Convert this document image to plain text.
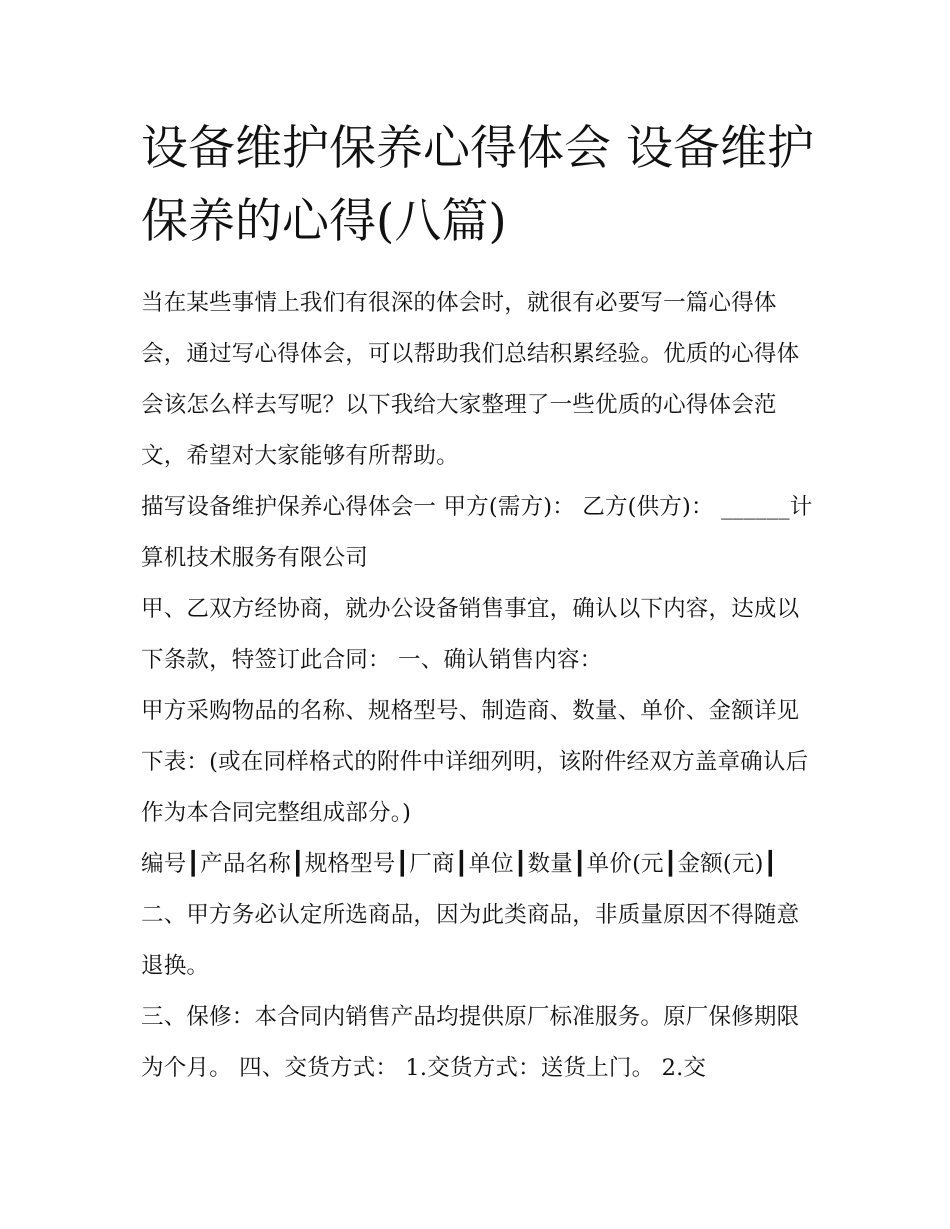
设备维护保养心得体会 设备维护保养的心得(八篇)

当在某些事情上我们有很深的体会时，就很有必要写一篇心得体会，通过写心得体会，可以帮助我们总结积累经验。优质的心得体会该怎么样去写呢？以下我给大家整理了一些优质的心得体会范文，希望对大家能够有所帮助。

描写设备维护保养心得体会一 甲方(需方)： 乙方(供方)： ______计算机技术服务有限公司

甲、乙双方经协商，就办公设备销售事宜，确认以下内容，达成以下条款，特签订此合同： 一、确认销售内容：

甲方采购物品的名称、规格型号、制造商、数量、单价、金额详见下表：(或在同样格式的附件中详细列明，该附件经双方盖章确认后作为本合同完整组成部分。)

编号┃产品名称┃规格型号┃厂商┃单位┃数量┃单价(元┃金额(元)┃二、甲方务必认定所选商品，因为此类商品，非质量原因不得随意退换。

三、保修：本合同内销售产品均提供原厂标准服务。原厂保修期限为个月。 四、交货方式： 1.交货方式：送货上门。 2.交
